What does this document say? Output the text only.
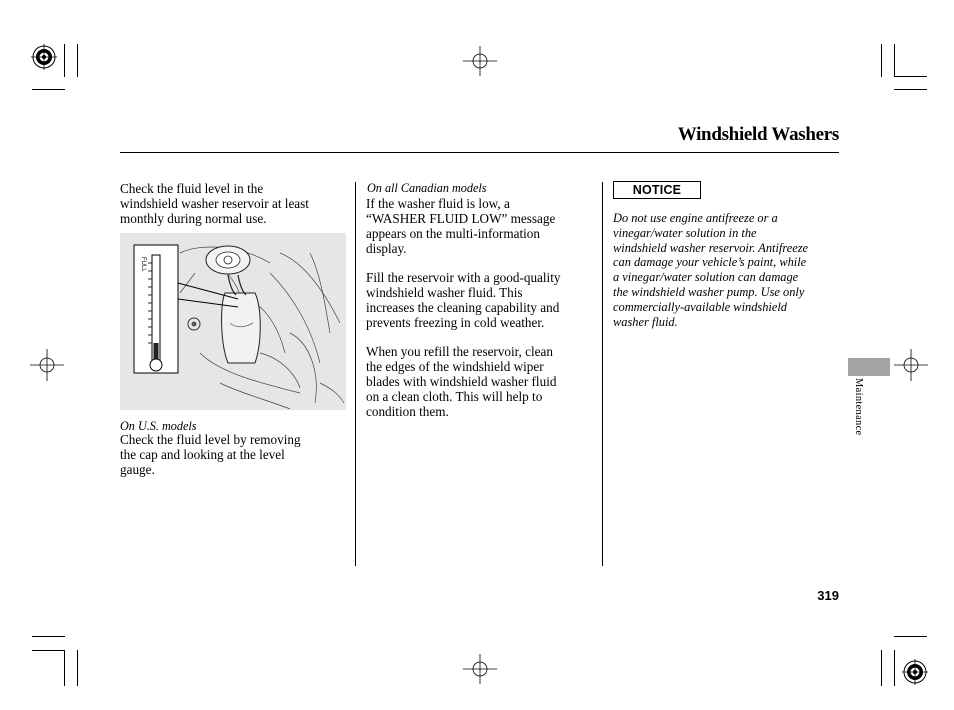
Windshield Washers
Check the fluid level in the
windshield washer reservoir at least
monthly during normal use.
FULL
On U.S. models
Check the fluid level by removing
the cap and looking at the level
gauge.
On all Canadian models
If the washer fluid is low, a
“WASHER FLUID LOW” message
appears on the multi-information
display.
Fill the reservoir with a good-quality
windshield washer fluid. This
increases the cleaning capability and
prevents freezing in cold weather.
When you refill the reservoir, clean
the edges of the windshield wiper
blades with windshield washer fluid
on a clean cloth. This will help to
condition them.
NOTICE
Do not use engine antifreeze or a
vinegar/water solution in the
windshield washer reservoir. Antifreeze
can damage your vehicle’s paint, while
a vinegar/water solution can damage
the windshield washer pump. Use only
commercially-available windshield
washer fluid.
Maintenance
319
